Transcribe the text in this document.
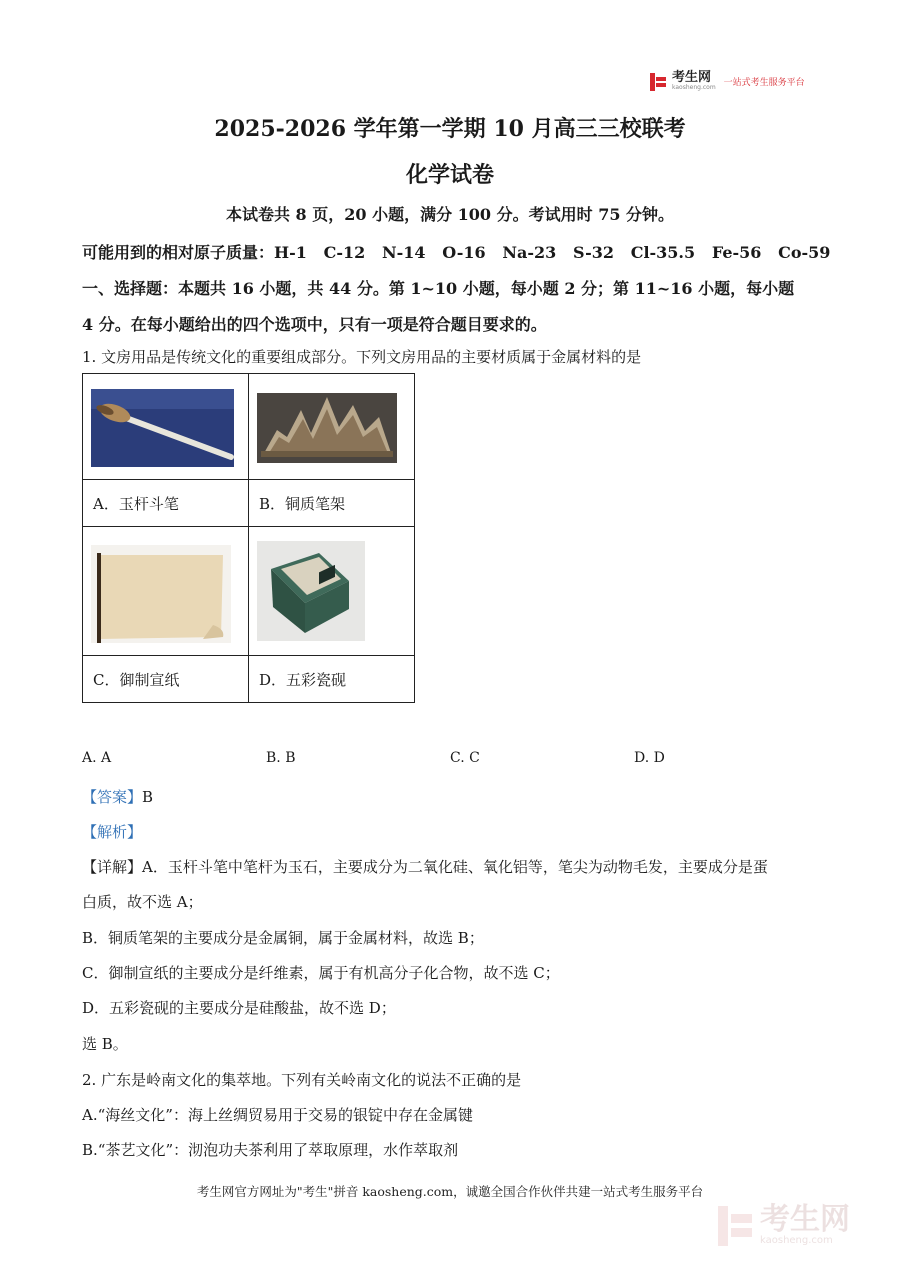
考生网
kaosheng.com 一站式考生服务平台
2025-2026 学年第一学期 10 月高三三校联考
化学试卷
本试卷共 8 页，20 小题，满分 100 分。考试用时 75 分钟。
可能用到的相对原子质量：H-1   C-12   N-14   O-16   Na-23   S-32   Cl-35.5   Fe-56   Co-59
一、选择题：本题共 16 小题，共 44 分。第 1~10 小题，每小题 2 分；第 11~16 小题，每小题
4 分。在每小题给出的四个选项中，只有一项是符合题目要求的。
1. 文房用品是传统文化的重要组成部分。下列文房用品的主要材质属于金属材料的是

A．玉杆斗笔	B．铜质笔架

C．御制宣纸	D．五彩瓷砚
A. A	B. B	C. C	D. D
【答案】B
【解析】
【详解】A．玉杆斗笔中笔杆为玉石，主要成分为二氧化硅、氧化铝等，笔尖为动物毛发，主要成分是蛋
白质，故不选 A；
B．铜质笔架的主要成分是金属铜，属于金属材料，故选 B；
C．御制宣纸的主要成分是纤维素，属于有机高分子化合物，故不选 C；
D．五彩瓷砚的主要成分是硅酸盐，故不选 D；
选 B。
2. 广东是岭南文化的集萃地。下列有关岭南文化的说法不正确的是
A.“海丝文化”：海上丝绸贸易用于交易的银锭中存在金属键
B.“茶艺文化”：沏泡功夫茶利用了萃取原理，水作萃取剂
考生网官方网址为"考生"拼音 kaosheng.com，诚邀全国合作伙伴共建一站式考生服务平台
考生网
kaosheng.com
